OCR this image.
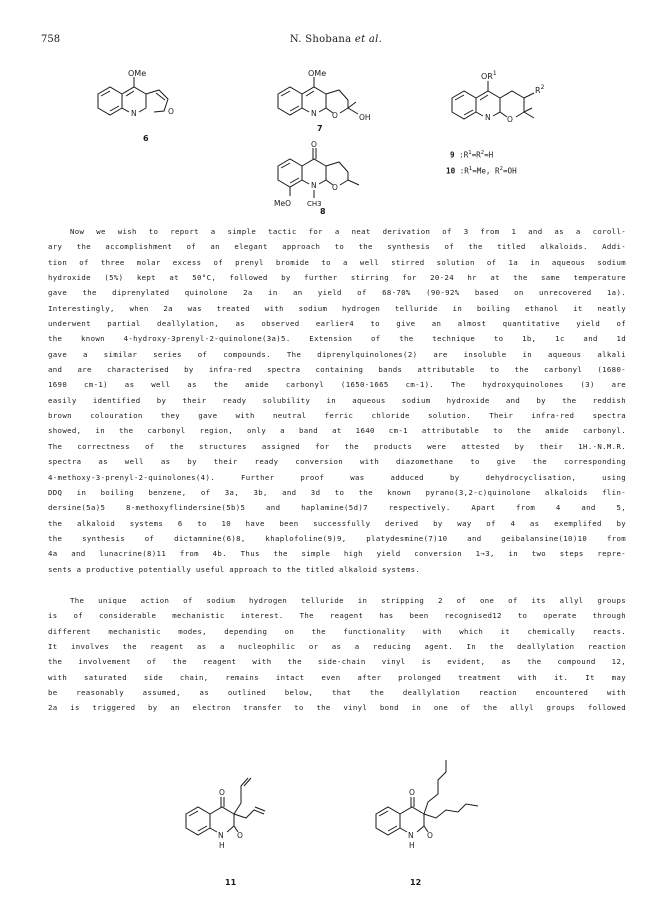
758	N. Shobana et al.
OMe
N	O
6
OMe
N O	OH
7
$OR^1$
$R^2$
N O
9 $:R^1=R^2=H$
10 $:R^1=Me$, $R^2=OH$
O
N O
MeO CH3
8
Now we wish to report a simple tactic for a neat derivation of 3 from 1 and as a coroll-
ary the accomplishment of an elegant approach to the synthesis of the titled alkaloids. Addi-
tion of three molar excess of prenyl bromide to a well stirred solution of 1a in aqueous sodium
hydroxide (5%) kept at 50°C, followed by further stirring for 20-24 hr at the same temperature
gave the diprenylated quinolone 2a in an yield of 68-70% (90-92% based on unrecovered 1a).
Interestingly, when 2a was treated with sodium hydrogen telluride in boiling ethanol it neatly
underwent partial deallylation, as observed earlier4 to give an almost quantitative yield of
the known 4-hydroxy-3prenyl-2-quinolone(3a)5. Extension of the technique to 1b, 1c and 1d
gave a similar series of compounds. The diprenylquinolones(2) are insoluble in aqueous alkali
and are characterised by infra-red spectra containing bands attributable to the carbonyl (1680-
1690 cm-1) as well as the amide carbonyl (1650-1665 cm-1). The hydroxyquinolones (3) are
easily identified by their ready solubility in aqueous sodium hydroxide and by the reddish
brown colouration they gave with neutral ferric chloride solution. Their infra-red spectra
showed, in the carbonyl region, only a band at 1640 cm-1 attributable to the amide carbonyl.
The correctness of the structures assigned for the products were attested by their 1H.-N.M.R.
spectra as well as by their ready conversion with diazomethane to give the corresponding
4-methoxy-3-prenyl-2-quinolones(4). Further proof was adduced by dehydrocyclisation, using
DDQ in boiling benzene, of 3a, 3b, and 3d to the known pyrano(3,2-c)quinolone alkaloids flin-
dersine(5a)5 8-methoxyflindersine(5b)5 and haplamine(5d)7 respectively. Apart from 4 and 5,
the alkaloid systems 6 to 10 have been successfully derived by way of 4 as exemplifed by
the synthesis of dictamnine(6)8, khaplofoline(9)9, platydesmine(7)10 and geibalansine(10)10 from
4a and lunacrine(8)11 from 4b. Thus the simple high yield conversion 1→3, in two steps repre-
sents a productive potentially useful approach to the titled alkaloid systems.
The unique action of sodium hydrogen telluride in stripping 2 of one of its allyl groups
is of considerable mechanistic interest. The reagent has been recognised12 to operate through
different mechanistic modes, depending on the functionality with which it chemically reacts.
It involves the reagent as a nucleophilic or as a reducing agent. In the deallylation reaction
the involvement of the reagent with the side-chain vinyl is evident, as the compound 12,
with saturated side chain, remains intact even after prolonged treatment with it. It may
be reasonably assumed, as outlined below, that the deallylation reaction encountered with
2a is triggered by an electron transfer to the vinyl bond in one of the allyl groups followed
O
N
H
O
11
O
N
H
O
12
